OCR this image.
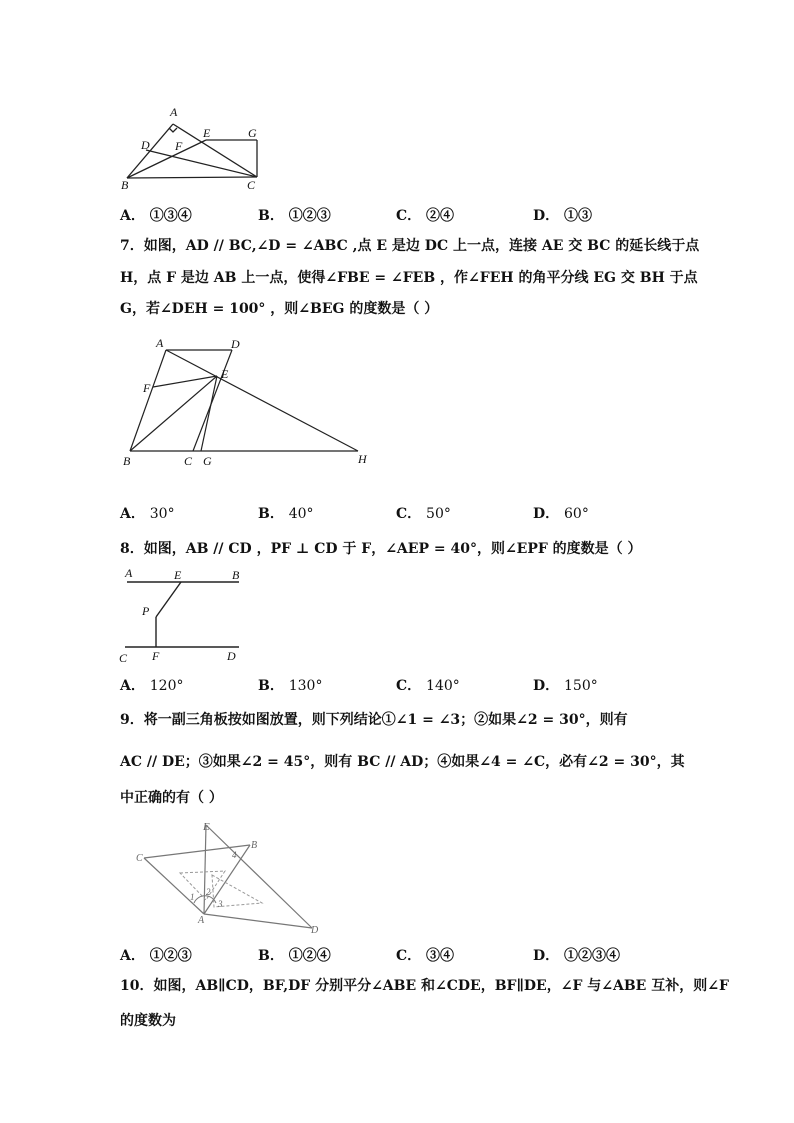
A
D F
E	G
B	C
A． ①③④	B． ①②③	C． ②④	D． ①③
7．如图，AD // BC,∠D = ∠ABC ,点 E 是边 DC 上一点，连接 AE 交 BC 的延长线于点
H，点 F 是边 AB 上一点，使得∠FBE = ∠FEB ，作∠FEH 的角平分线 EG 交 BH 于点
G，若∠DEH = 100° ，则∠BEG 的度数是（ ）
A	D
F
E
B	C G	H
A． 30°	B． 40°	C． 50°	D． 60°
8．如图，AB // CD ，PF ⊥ CD 于 F，∠AEP = 40°，则∠EPF 的度数是（ ）
A	E	B
P
C F	D
A． 120°	B． 130°	C． 140°	D． 150°
9．将一副三角板按如图放置，则下列结论①∠1 = ∠3；②如果∠2 = 30°，则有
AC // DE；③如果∠2 = 45°，则有 BC // AD；④如果∠4 = ∠C，必有∠2 = 30°，其
中正确的有（ ）
E
C
B
A
D
1 2
3
4
A． ①②③	B． ①②④	C． ③④	D． ①②③④
10．如图，AB∥CD，BF,DF 分别平分∠ABE 和∠CDE，BF∥DE，∠F 与∠ABE 互补，则∠F
的度数为
